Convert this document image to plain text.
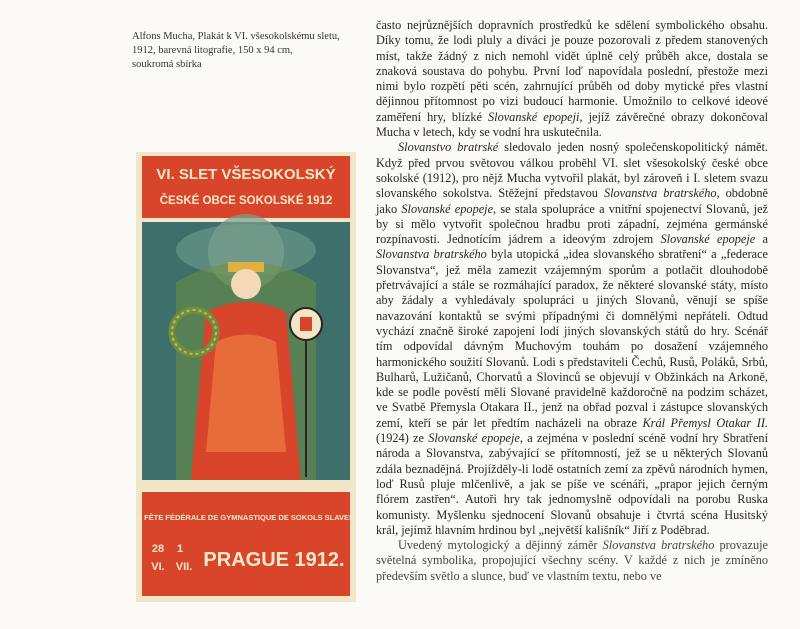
Alfons Mucha, Plakát k VI. všesokolskému sletu,
1912, barevná litografie, 150 x 94 cm,
soukromá sbírka
VI. SLET VŠESOKOLSKÝ
ČESKÉ OBCE SOKOLSKÉ 1912
I. FÊTE FÉDÉRALE DE GYMNASTIQUE DE SOKOLS SLAVES
28
VI.
1
VII. PRAGUE 1912.

často nejrůznějších dopravních prostředků ke sdělení symbolického obsahu. Díky tomu, že lodi pluly a diváci je pouze pozorovali z předem stanovených míst, takže žádný z nich nemohl vidět úplně celý průběh akce, dostala se znaková soustava do pohybu. První loď napovídala poslední, přestože mezi nimi bylo rozpětí pěti scén, zahrnující průběh od doby mytické přes vlastní dějinnou přítomnost po vizi budoucí harmonie. Umožnilo to celkové ideové zaměření hry, blízké Slovanské epopeji, jejíž závěrečné obrazy dokončoval Mucha v letech, kdy se vodní hra uskutečnila.

Slovanstvo bratrské sledovalo jeden nosný společenskopolitický námět. Když před prvou světovou válkou proběhl VI. slet všesokolský české obce sokolské (1912), pro nějž Mucha vytvořil plakát, byl zároveň i I. sletem svazu slovanského sokolstva. Stěžejní představou Slovanstva bratrského, obdobně jako Slovanské epopeje, se stala spolupráce a vnitřní spojenectví Slovanů, jež by si mělo vytvořit společnou hradbu proti západní, zejména germánské rozpínavosti. Jednotícím jádrem a ideovým zdrojem Slovanské epopeje a Slovanstva bratrského byla utopická „idea slovanského sbratření“ a „federace Slovanstva“, jež měla zamezit vzájemným sporům a potlačit dlouhodobě přetrvávající a stále se rozmáhající paradox, že některé slovanské státy, místo aby žádaly a vyhledávaly spolupráci u jiných Slovanů, věnují se spíše navazování kontaktů se svými případnými či domnělými nepřáteli. Odtud vychází značně široké zapojení lodí jiných slovanských států do hry. Scénář tím odpovídal dávným Muchovým touhám po dosažení vzájemného harmonického soužití Slovanů. Lodi s představiteli Čechů, Rusů, Poláků, Srbů, Bulharů, Lužičanů, Chorvatů a Slovinců se objevují v Obžinkách na Arkoně, kde se podle pověstí měli Slované pravidelně každoročně na podzim scházet, ve Svatbě Přemysla Otakara II., jenž na obřad pozval i zástupce slovanských zemí, kteří se pár let předtím nacházeli na obraze Král Přemysl Otakar II. (1924) ze Slovanské epopeje, a zejména v poslední scéně vodní hry Sbratření národa a Slovanstva, zabývající se přítomností, jež se u některých Slovanů zdála beznadějná. Projížděly-li lodě ostatních zemí za zpěvů národních hymen, loď Rusů pluje mlčenlivě, a jak se píše ve scénáři, „prapor jejich černým flórem zastřen“. Autoři hry tak jednomyslně odpovídali na porobu Ruska komunisty. Myšlenku sjednocení Slovanů obsahuje i čtvrtá scéna Husitský král, jejímž hlavním hrdinou byl „největší kališník“ Jiří z Poděbrad.

Uvedený mytologický a dějinný záměr Slovanstva bratrského provazuje světelná symbolika, propojující všechny scény. V každé z nich je zmíněno především světlo a slunce, buď ve vlastním textu, nebo ve
